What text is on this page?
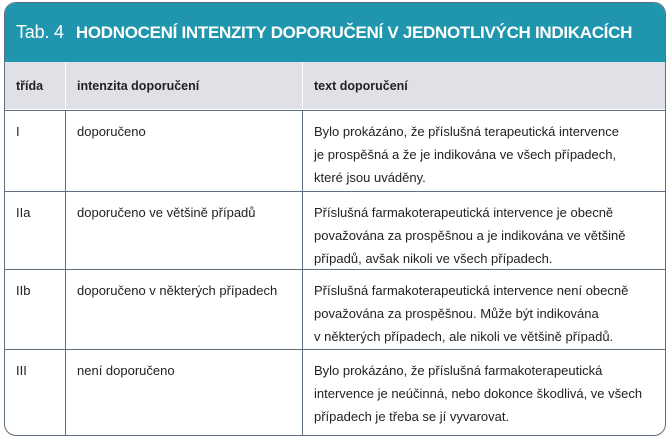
Tab. 4 HODNOCENÍ INTENZITY DOPORUČENÍ V JEDNOTLIVÝCH INDIKACÍCH
třída	intenzita doporučení	text doporučení
I	doporučeno	Bylo prokázáno, že příslušná terapeutická intervence
je prospěšná a že je indikována ve všech případech,
které jsou uváděny.
IIa	doporučeno ve většině případů	Příslušná farmakoterapeutická intervence je obecně
považována za prospěšnou a je indikována ve většině
případů, avšak nikoli ve všech případech.
IIb	doporučeno v některých případech	Příslušná farmakoterapeutická intervence není obecně
považována za prospěšnou. Může být indikována
v některých případech, ale nikoli ve většině případů.
III	není doporučeno	Bylo prokázáno, že příslušná farmakoterapeutická
intervence je neúčinná, nebo dokonce škodlivá, ve všech
případech je třeba se jí vyvarovat.
